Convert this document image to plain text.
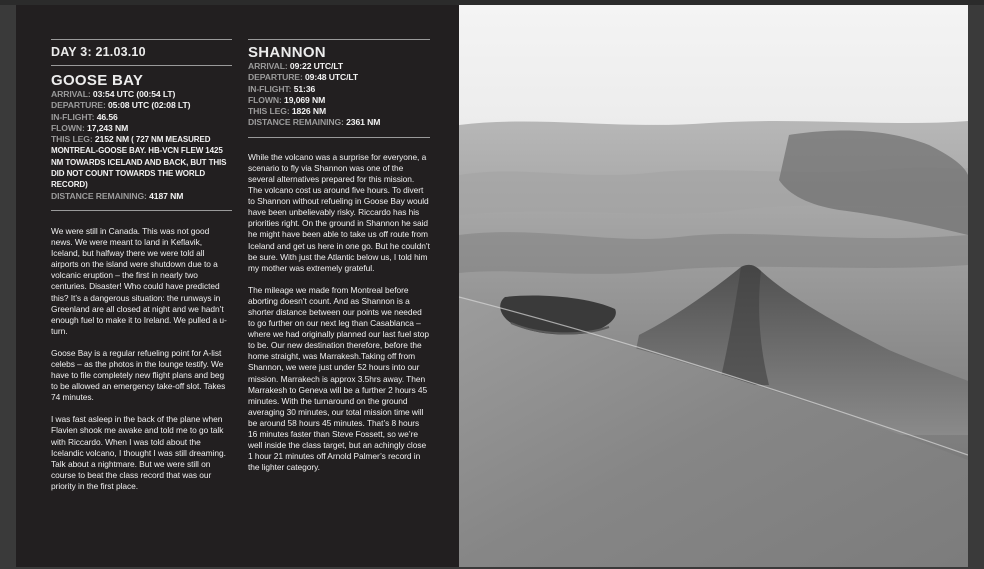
DAY 3: 21.03.10
GOOSE BAY
ARRIVAL: 03:54 UTC (00:54 LT)
DEPARTURE: 05:08 UTC (02:08 LT)
IN-FLIGHT: 46.56
FLOWN: 17,243 NM
THIS LEG: 2152 NM ( 727 NM MEASURED MONTREAL-GOOSE BAY. HB-VCN FLEW 1425 NM TOWARDS ICELAND AND BACK, BUT THIS DID NOT COUNT TOWARDS THE WORLD RECORD)
DISTANCE REMAINING: 4187 NM

We were still in Canada. This was not good news. We were meant to land in Keflavik, Iceland, but halfway there we were told all airports on the island were shutdown due to a volcanic eruption – the first in nearly two centuries. Disaster! Who could have predicted this? It’s a dangerous situation: the runways in Greenland are all closed at night and we hadn’t enough fuel to make it to Ireland. We pulled a u-turn.

Goose Bay is a regular refueling point for A-list celebs – as the photos in the lounge testify. We have to file completely new flight plans and beg to be allowed an emergency take-off slot. Takes 74 minutes.

I was fast asleep in the back of the plane when Flavien shook me awake and told me to go talk with Riccardo. When I was told about the Icelandic volcano, I thought I was still dreaming. Talk about a nightmare. But we were still on course to beat the class record that was our priority in the first place.

SHANNON
ARRIVAL: 09:22 UTC/LT
DEPARTURE: 09:48 UTC/LT
IN-FLIGHT: 51:36
FLOWN: 19,069 NM
THIS LEG: 1826 NM
DISTANCE REMAINING: 2361 NM

While the volcano was a surprise for everyone, a scenario to fly via Shannon was one of the several alternatives prepared for this mission. The volcano cost us around five hours. To divert to Shannon without refueling in Goose Bay would have been unbelievably risky. Riccardo has his priorities right. On the ground in Shannon he said he might have been able to take us off route from Iceland and get us here in one go. But he couldn’t be sure. With just the Atlantic below us, I told him my mother was extremely grateful.

The mileage we made from Montreal before aborting doesn’t count. And as Shannon is a shorter distance between our points we needed to go further on our next leg than Casablanca – where we had originally planned our last fuel stop to be. Our new destination therefore, before the home straight, was Marrakesh.Taking off from Shannon, we were just under 52 hours into our mission. Marrakech is approx 3.5hrs away. Then Marrakesh to Geneva will be a further 2 hours 45 minutes. With the turnaround on the ground averaging 30 minutes, our total mission time will be around 58 hours 45 minutes. That’s 8 hours 16 minutes faster than Steve Fossett, so we’re well inside the class target, but an achingly close 1 hour 21 minutes off Arnold Palmer’s record in the lighter category.
